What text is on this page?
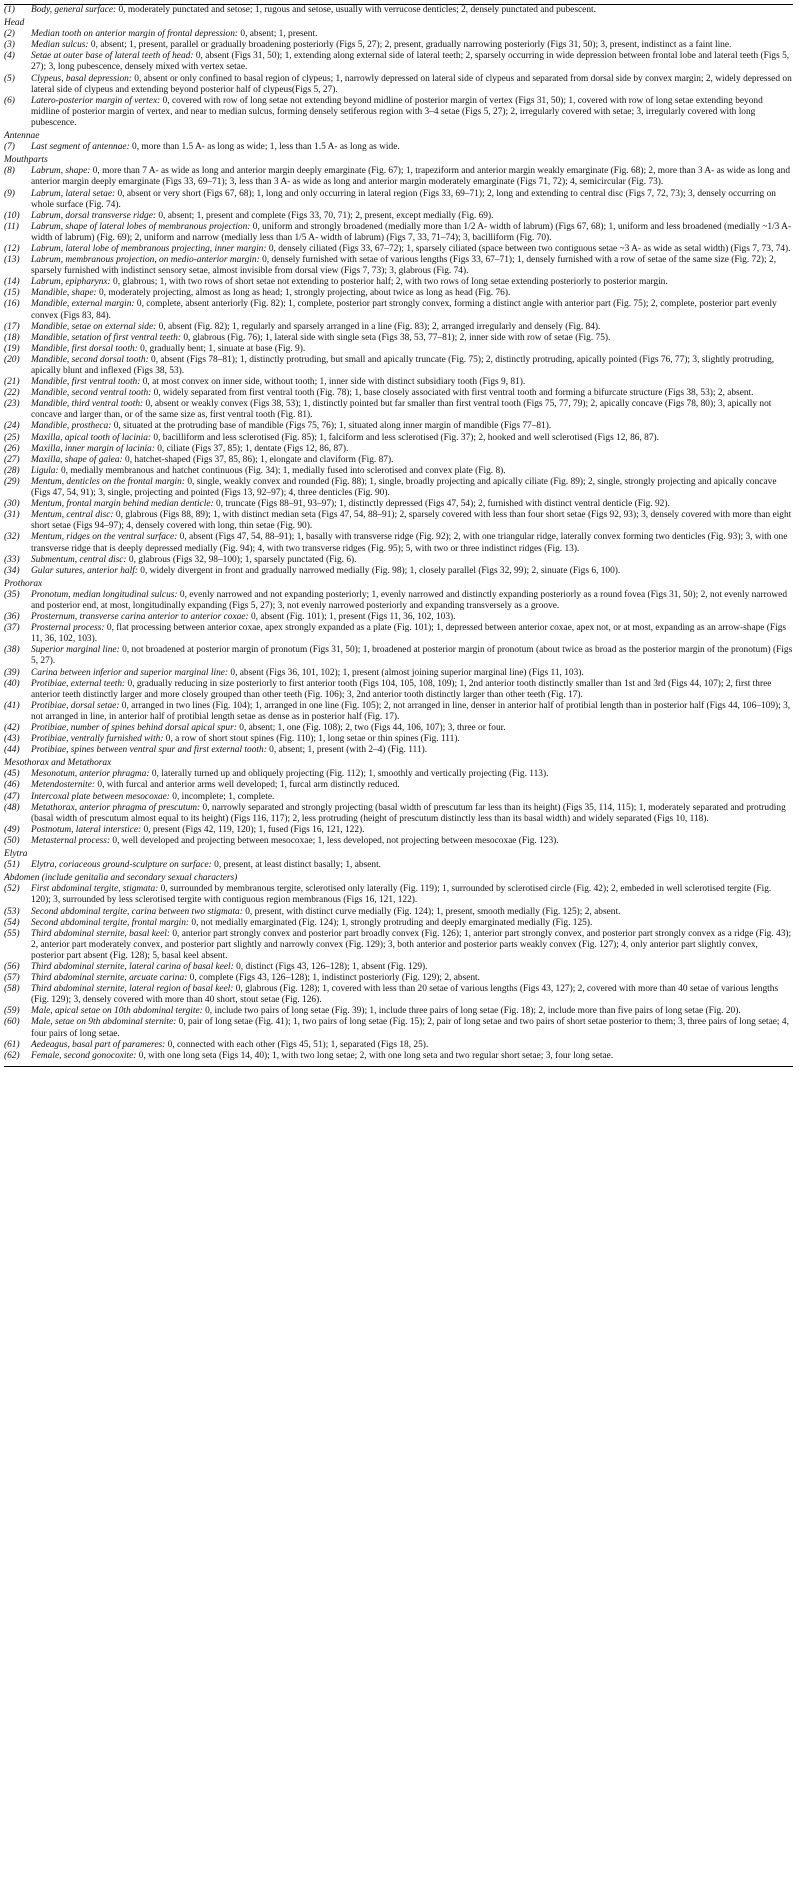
(1)	Body, general surface: 0, moderately punctated and setose; 1, rugous and setose, usually with verrucose denticles; 2, densely punctated and pubescent.
Head
(2)	Median tooth on anterior margin of frontal depression: 0, absent; 1, present.
(3)	Median sulcus: 0, absent; 1, present, parallel or gradually broadening posteriorly (Figs 5, 27); 2, present, gradually narrowing posteriorly (Figs 31, 50); 3, present, indistinct as a faint line.
(4)	Setae at outer base of lateral teeth of head: 0, absent (Figs 31, 50); 1, extending along external side of lateral teeth; 2, sparsely occurring in wide depression between frontal lobe and lateral teeth (Figs 5, 27); 3, long pubescence, densely mixed with vertex setae.
(5)	Clypeus, basal depression: 0, absent or only confined to basal region of clypeus; 1, narrowly depressed on lateral side of clypeus and separated from dorsal side by convex margin; 2, widely depressed on lateral side of clypeus and extending beyond posterior half of clypeus(Figs 5, 27).
(6)	Latero-posterior margin of vertex: 0, covered with row of long setae not extending beyond midline of posterior margin of vertex (Figs 31, 50); 1, covered with row of long setae extending beyond midline of posterior margin of vertex, and near to median sulcus, forming densely setiferous region with 3–4 setae (Figs 5, 27); 2, irregularly covered with setae; 3, irregularly covered with long pubescence.
Antennae
(7)	Last segment of antennae: 0, more than 1.5 A- as long as wide; 1, less than 1.5 A- as long as wide.
Mouthparts
(8)	Labrum, shape: 0, more than 7 A- as wide as long and anterior margin deeply emarginate (Fig. 67); 1, trapeziform and anterior margin weakly emarginate (Fig. 68); 2, more than 3 A- as wide as long and anterior margin deeply emarginate (Figs 33, 69–71); 3, less than 3 A- as wide as long and anterior margin moderately emarginate (Figs 71, 72); 4, semicircular (Fig. 73).
(9)	Labrum, lateral setae: 0, absent or very short (Figs 67, 68); 1, long and only occurring in lateral region (Figs 33, 69–71); 2, long and extending to central disc (Figs 7, 72, 73); 3, densely occurring on whole surface (Fig. 74).
(10)	Labrum, dorsal transverse ridge: 0, absent; 1, present and complete (Figs 33, 70, 71); 2, present, except medially (Fig. 69).
(11)	Labrum, shape of lateral lobes of membranous projection: 0, uniform and strongly broadened (medially more than 1/2 A- width of labrum) (Figs 67, 68); 1, uniform and less broadened (medially ~1/3 A- width of labrum) (Fig. 69); 2, uniform and narrow (medially less than 1/5 A- width of labrum) (Figs 7, 33, 71–74); 3, bacilliform (Fig. 70).
(12)	Labrum, lateral lobe of membranous projecting, inner margin: 0, densely ciliated (Figs 33, 67–72); 1, sparsely ciliated (space between two contiguous setae ~3 A- as wide as setal width) (Figs 7, 73, 74).
(13)	Labrum, membranous projection, on medio-anterior margin: 0, densely furnished with setae of various lengths (Figs 33, 67–71); 1, densely furnished with a row of setae of the same size (Fig. 72); 2, sparsely furnished with indistinct sensory setae, almost invisible from dorsal view (Figs 7, 73); 3, glabrous (Fig. 74).
(14)	Labrum, epipharynx: 0, glabrous; 1, with two rows of short setae not extending to posterior half; 2, with two rows of long setae extending posteriorly to posterior margin.
(15)	Mandible, shape: 0, moderately projecting, almost as long as head; 1, strongly projecting, about twice as long as head (Fig. 76).
(16)	Mandible, external margin: 0, complete, absent anteriorly (Fig. 82); 1, complete, posterior part strongly convex, forming a distinct angle with anterior part (Fig. 75); 2, complete, posterior part evenly convex (Figs 83, 84).
(17)	Mandible, setae on external side: 0, absent (Fig. 82); 1, regularly and sparsely arranged in a line (Fig. 83); 2, arranged irregularly and densely (Fig. 84).
(18)	Mandible, setation of first ventral teeth: 0, glabrous (Fig. 76); 1, lateral side with single seta (Figs 38, 53, 77–81); 2, inner side with row of setae (Fig. 75).
(19)	Mandible, first dorsal tooth: 0, gradually bent; 1, sinuate at base (Fig. 9).
(20)	Mandible, second dorsal tooth: 0, absent (Figs 78–81); 1, distinctly protruding, but small and apically truncate (Fig. 75); 2, distinctly protruding, apically pointed (Figs 76, 77); 3, slightly protruding, apically blunt and inflexed (Figs 38, 53).
(21)	Mandible, first ventral tooth: 0, at most convex on inner side, without tooth; 1, inner side with distinct subsidiary tooth (Figs 9, 81).
(22)	Mandible, second ventral tooth: 0, widely separated from first ventral tooth (Fig. 78); 1, base closely associated with first ventral tooth and forming a bifurcate structure (Figs 38, 53); 2, absent.
(23)	Mandible, third ventral tooth: 0, absent or weakly convex (Figs 38, 53); 1, distinctly pointed but far smaller than first ventral tooth (Figs 75, 77, 79); 2, apically concave (Figs 78, 80); 3, apically not concave and larger than, or of the same size as, first ventral tooth (Fig. 81).
(24)	Mandible, prostheca: 0, situated at the protruding base of mandible (Figs 75, 76); 1, situated along inner margin of mandible (Figs 77–81).
(25)	Maxilla, apical tooth of lacinia: 0, bacilliform and less sclerotised (Fig. 85); 1, falciform and less sclerotised (Fig. 37); 2, hooked and well sclerotised (Figs 12, 86, 87).
(26)	Maxilla, inner margin of lacinia: 0, ciliate (Figs 37, 85); 1, dentate (Figs 12, 86, 87).
(27)	Maxilla, shape of galea: 0, hatchet-shaped (Figs 37, 85, 86); 1, elongate and claviform (Fig. 87).
(28)	Ligula: 0, medially membranous and hatchet continuous (Fig. 34); 1, medially fused into sclerotised and convex plate (Fig. 8).
(29)	Mentum, denticles on the frontal margin: 0, single, weakly convex and rounded (Fig. 88); 1, single, broadly projecting and apically ciliate (Fig. 89); 2, single, strongly projecting and apically concave (Figs 47, 54, 91); 3, single, projecting and pointed (Figs 13, 92–97); 4, three denticles (Fig. 90).
(30)	Mentum, frontal margin behind median denticle: 0, truncate (Figs 88–91, 93–97); 1, distinctly depressed (Figs 47, 54); 2, furnished with distinct ventral denticle (Fig. 92).
(31)	Mentum, central disc: 0, glabrous (Figs 88, 89); 1, with distinct median seta (Figs 47, 54, 88–91); 2, sparsely covered with less than four short setae (Figs 92, 93); 3, densely covered with more than eight short setae (Figs 94–97); 4, densely covered with long, thin setae (Fig. 90).
(32)	Mentum, ridges on the ventral surface: 0, absent (Figs 47, 54, 88–91); 1, basally with transverse ridge (Fig. 92); 2, with one triangular ridge, laterally convex forming two denticles (Fig. 93); 3, with one transverse ridge that is deeply depressed medially (Fig. 94); 4, with two transverse ridges (Fig. 95); 5, with two or three indistinct ridges (Fig. 13).
(33)	Submentum, central disc: 0, glabrous (Figs 32, 98–100); 1, sparsely punctated (Fig. 6).
(34)	Gular sutures, anterior half: 0, widely divergent in front and gradually narrowed medially (Fig. 98); 1, closely parallel (Figs 32, 99); 2, sinuate (Figs 6, 100).
Prothorax
(35)	Pronotum, median longitudinal sulcus: 0, evenly narrowed and not expanding posteriorly; 1, evenly narrowed and distinctly expanding posteriorly as a round fovea (Figs 31, 50); 2, not evenly narrowed and posterior end, at most, longitudinally expanding (Figs 5, 27); 3, not evenly narrowed posteriorly and expanding transversely as a groove.
(36)	Prosternum, transverse carina anterior to anterior coxae: 0, absent (Fig. 101); 1, present (Figs 11, 36, 102, 103).
(37)	Prosternal process: 0, flat processing between anterior coxae, apex strongly expanded as a plate (Fig. 101); 1, depressed between anterior coxae, apex not, or at most, expanding as an arrow-shape (Figs 11, 36, 102, 103).
(38)	Superior marginal line: 0, not broadened at posterior margin of pronotum (Figs 31, 50); 1, broadened at posterior margin of pronotum (about twice as broad as the posterior margin of the pronotum) (Figs 5, 27).
(39)	Carina between inferior and superior marginal line: 0, absent (Figs 36, 101, 102); 1, present (almost joining superior marginal line) (Figs 11, 103).
(40)	Protibiae, external teeth: 0, gradually reducing in size posteriorly to first anterior tooth (Figs 104, 105, 108, 109); 1, 2nd anterior tooth distinctly smaller than 1st and 3rd (Figs 44, 107); 2, first three anterior teeth distinctly larger and more closely grouped than other teeth (Fig. 106); 3, 2nd anterior tooth distinctly larger than other teeth (Fig. 17).
(41)	Protibiae, dorsal setae: 0, arranged in two lines (Fig. 104); 1, arranged in one line (Fig. 105); 2, not arranged in line, denser in anterior half of protibial length than in posterior half (Figs 44, 106–109); 3, not arranged in line, in anterior half of protibial length setae as dense as in posterior half (Fig. 17).
(42)	Protibiae, number of spines behind dorsal apical spur: 0, absent; 1, one (Fig. 108); 2, two (Figs 44, 106, 107); 3, three or four.
(43)	Protibiae, ventrally furnished with: 0, a row of short stout spines (Fig. 110); 1, long setae or thin spines (Fig. 111).
(44)	Protibiae, spines between ventral spur and first external tooth: 0, absent; 1, present (with 2–4) (Fig. 111).
Mesothorax and Metathorax
(45)	Mesonotum, anterior phragma: 0, laterally turned up and obliquely projecting (Fig. 112); 1, smoothly and vertically projecting (Fig. 113).
(46)	Metendosternite: 0, with furcal and anterior arms well developed; 1, furcal arm distinctly reduced.
(47)	Intercoxal plate between mesocoxae: 0, incomplete; 1, complete.
(48)	Metathorax, anterior phragma of prescutum: 0, narrowly separated and strongly projecting (basal width of prescutum far less than its height) (Figs 35, 114, 115); 1, moderately separated and protruding (basal width of prescutum almost equal to its height) (Figs 116, 117); 2, less protruding (height of prescutum distinctly less than its basal width) and widely separated (Figs 10, 118).
(49)	Postnotum, lateral interstice: 0, present (Figs 42, 119, 120); 1, fused (Figs 16, 121, 122).
(50)	Metasternal process: 0, well developed and projecting between mesocoxae; 1, less developed, not projecting between mesocoxae (Fig. 123).
Elytra
(51)	Elytra, coriaceous ground-sculpture on surface: 0, present, at least distinct basally; 1, absent.
Abdomen (include genitalia and secondary sexual characters)
(52)	First abdominal tergite, stigmata: 0, surrounded by membranous tergite, sclerotised only laterally (Fig. 119); 1, surrounded by sclerotised circle (Fig. 42); 2, embeded in well sclerotised tergite (Fig. 120); 3, surrounded by less sclerotised tergite with contiguous region membranous (Figs 16, 121, 122).
(53)	Second abdominal tergite, carina between two stigmata: 0, present, with distinct curve medially (Fig. 124); 1, present, smooth medially (Fig. 125); 2, absent.
(54)	Second abdominal tergite, frontal margin: 0, not medially emarginated (Fig. 124); 1, strongly protruding and deeply emarginated medially (Fig. 125).
(55)	Third abdominal sternite, basal keel: 0, anterior part strongly convex and posterior part broadly convex (Fig. 126); 1, anterior part strongly convex, and posterior part strongly convex as a ridge (Fig. 43); 2, anterior part moderately convex, and posterior part slightly and narrowly convex (Fig. 129); 3, both anterior and posterior parts weakly convex (Fig. 127); 4, only anterior part slightly convex, posterior part absent (Fig. 128); 5, basal keel absent.
(56)	Third abdominal sternite, lateral carina of basal keel: 0, distinct (Figs 43, 126–128); 1, absent (Fig. 129).
(57)	Third abdominal sternite, arcuate carina: 0, complete (Figs 43, 126–128); 1, indistinct posteriorly (Fig. 129); 2, absent.
(58)	Third abdominal sternite, lateral region of basal keel: 0, glabrous (Fig. 128); 1, covered with less than 20 setae of various lengths (Figs 43, 127); 2, covered with more than 40 setae of various lengths (Fig. 129); 3, densely covered with more than 40 short, stout setae (Fig. 126).
(59)	Male, apical setae on 10th abdominal tergite: 0, include two pairs of long setae (Fig. 39); 1, include three pairs of long setae (Fig. 18); 2, include more than five pairs of long setae (Fig. 20).
(60)	Male, setae on 9th abdominal sternite: 0, pair of long setae (Fig. 41); 1, two pairs of long setae (Fig. 15); 2, pair of long setae and two pairs of short setae posterior to them; 3, three pairs of long setae; 4, four pairs of long setae.
(61)	Aedeagus, basal part of parameres: 0, connected with each other (Figs 45, 51); 1, separated (Figs 18, 25).
(62)	Female, second gonocoxite: 0, with one long seta (Figs 14, 40); 1, with two long setae; 2, with one long seta and two regular short setae; 3, four long setae.
